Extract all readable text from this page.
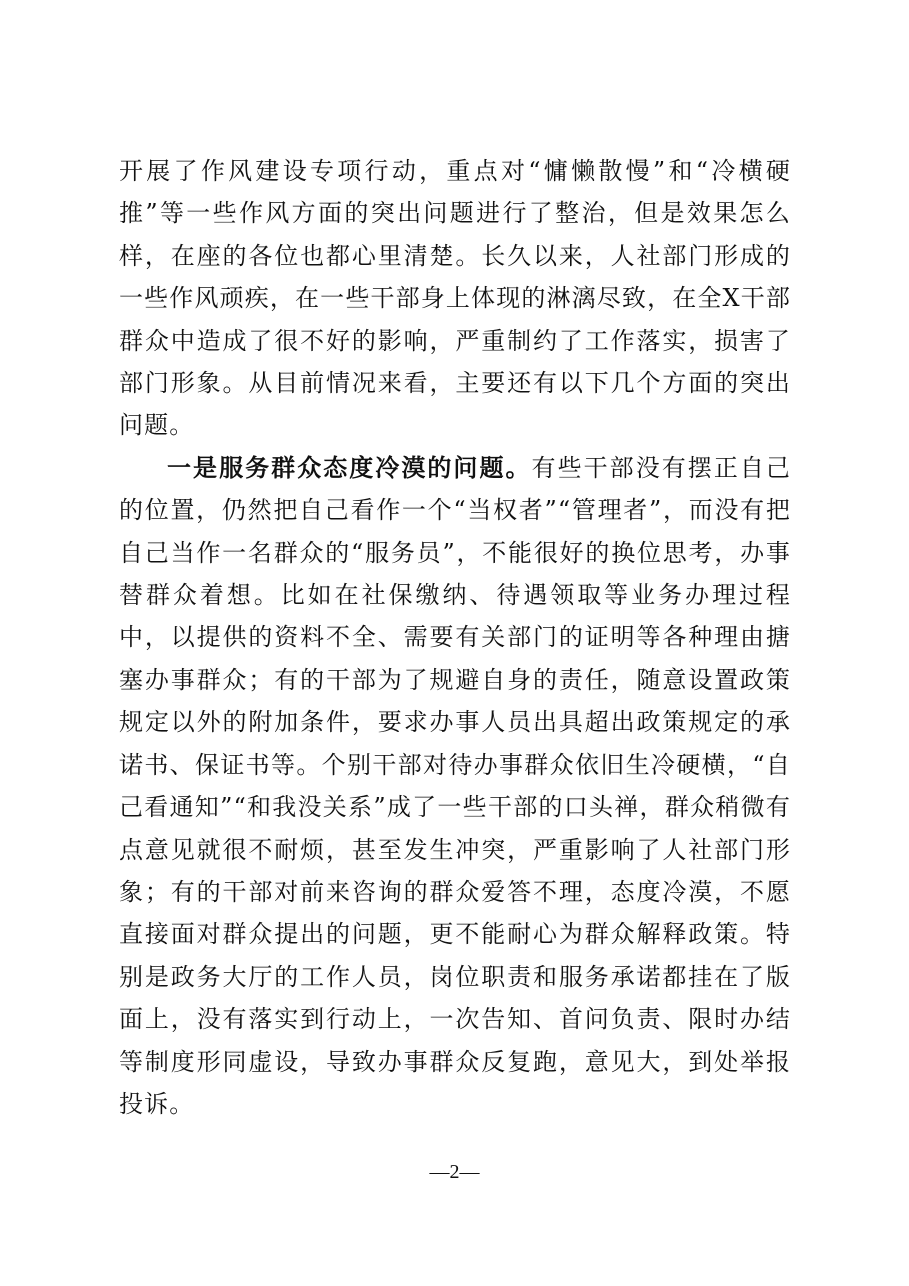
开展了作风建设专项行动，重点对“慵懒散慢”和“冷横硬推”等一些作风方面的突出问题进行了整治，但是效果怎么样，在座的各位也都心里清楚。长久以来，人社部门形成的一些作风顽疾，在一些干部身上体现的淋漓尽致，在全X干部群众中造成了很不好的影响，严重制约了工作落实，损害了部门形象。从目前情况来看，主要还有以下几个方面的突出问题。

一是服务群众态度冷漠的问题。有些干部没有摆正自己的位置，仍然把自己看作一个“当权者”“管理者”，而没有把自己当作一名群众的“服务员”，不能很好的换位思考，办事替群众着想。比如在社保缴纳、待遇领取等业务办理过程中，以提供的资料不全、需要有关部门的证明等各种理由搪塞办事群众；有的干部为了规避自身的责任，随意设置政策规定以外的附加条件，要求办事人员出具超出政策规定的承诺书、保证书等。个别干部对待办事群众依旧生冷硬横，“自己看通知”“和我没关系”成了一些干部的口头禅，群众稍微有点意见就很不耐烦，甚至发生冲突，严重影响了人社部门形象；有的干部对前来咨询的群众爱答不理，态度冷漠，不愿直接面对群众提出的问题，更不能耐心为群众解释政策。特别是政务大厅的工作人员，岗位职责和服务承诺都挂在了版面上，没有落实到行动上，一次告知、首问负责、限时办结等制度形同虚设，导致办事群众反复跑，意见大，到处举报投诉。

—2—
